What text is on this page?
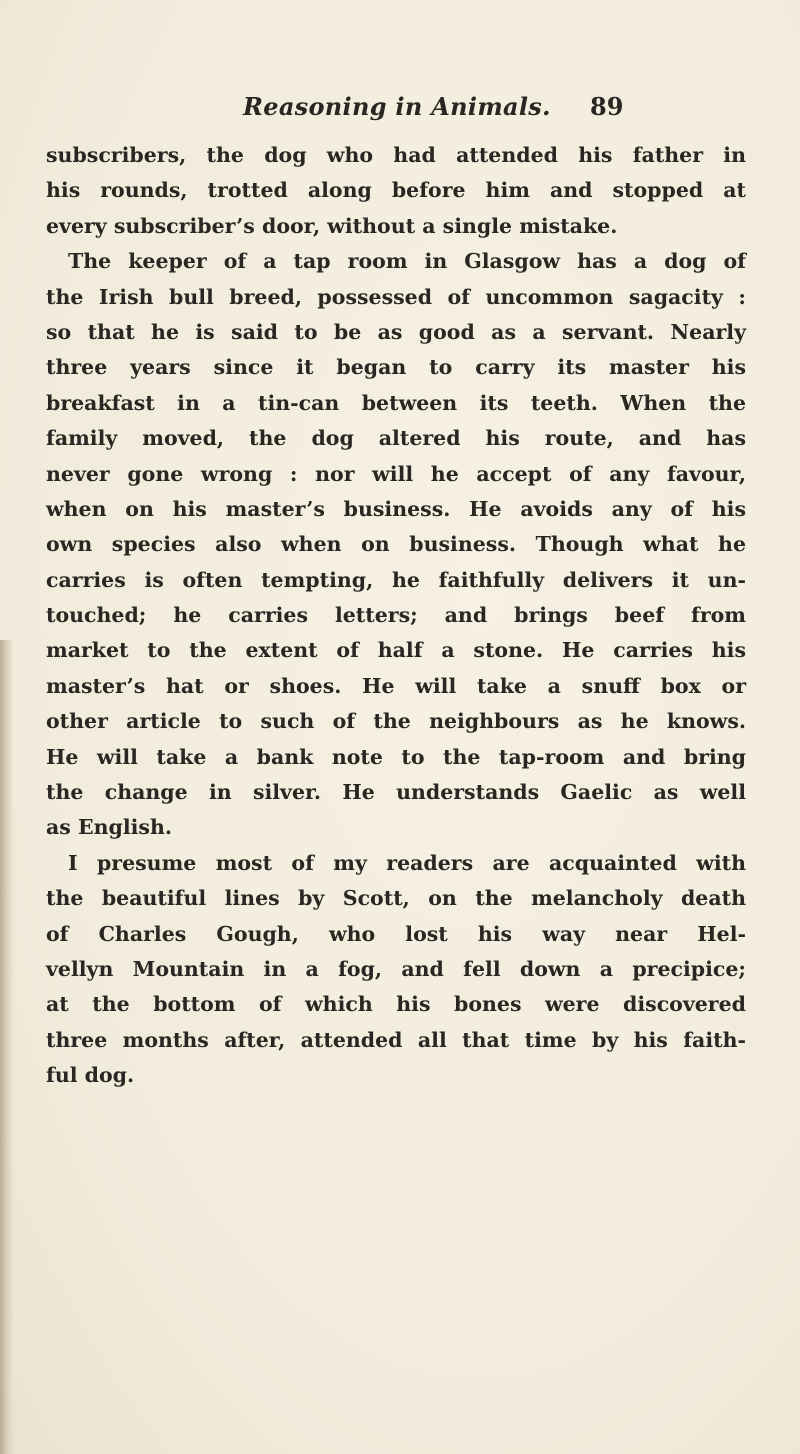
Reasoning in Animals. 89
subscribers, the dog who had attended his father in
his rounds, trotted along before him and stopped at
every subscriber’s door, without a single mistake.
The keeper of a tap room in Glasgow has a dog of
the Irish bull breed, possessed of uncommon sagacity :
so that he is said to be as good as a servant. Nearly
three years since it began to carry its master his
breakfast in a tin-can between its teeth. When the
family moved, the dog altered his route, and has
never gone wrong : nor will he accept of any favour,
when on his master’s business. He avoids any of his
own species also when on business. Though what he
carries is often tempting, he faithfully delivers it un-
touched; he carries letters; and brings beef from
market to the extent of half a stone. He carries his
master’s hat or shoes. He will take a snuff box or
other article to such of the neighbours as he knows.
He will take a bank note to the tap-room and bring
the change in silver. He understands Gaelic as well
as English.
I presume most of my readers are acquainted with
the beautiful lines by Scott, on the melancholy death
of Charles Gough, who lost his way near Hel-
vellyn Mountain in a fog, and fell down a precipice;
at the bottom of which his bones were discovered
three months after, attended all that time by his faith-
ful dog.
